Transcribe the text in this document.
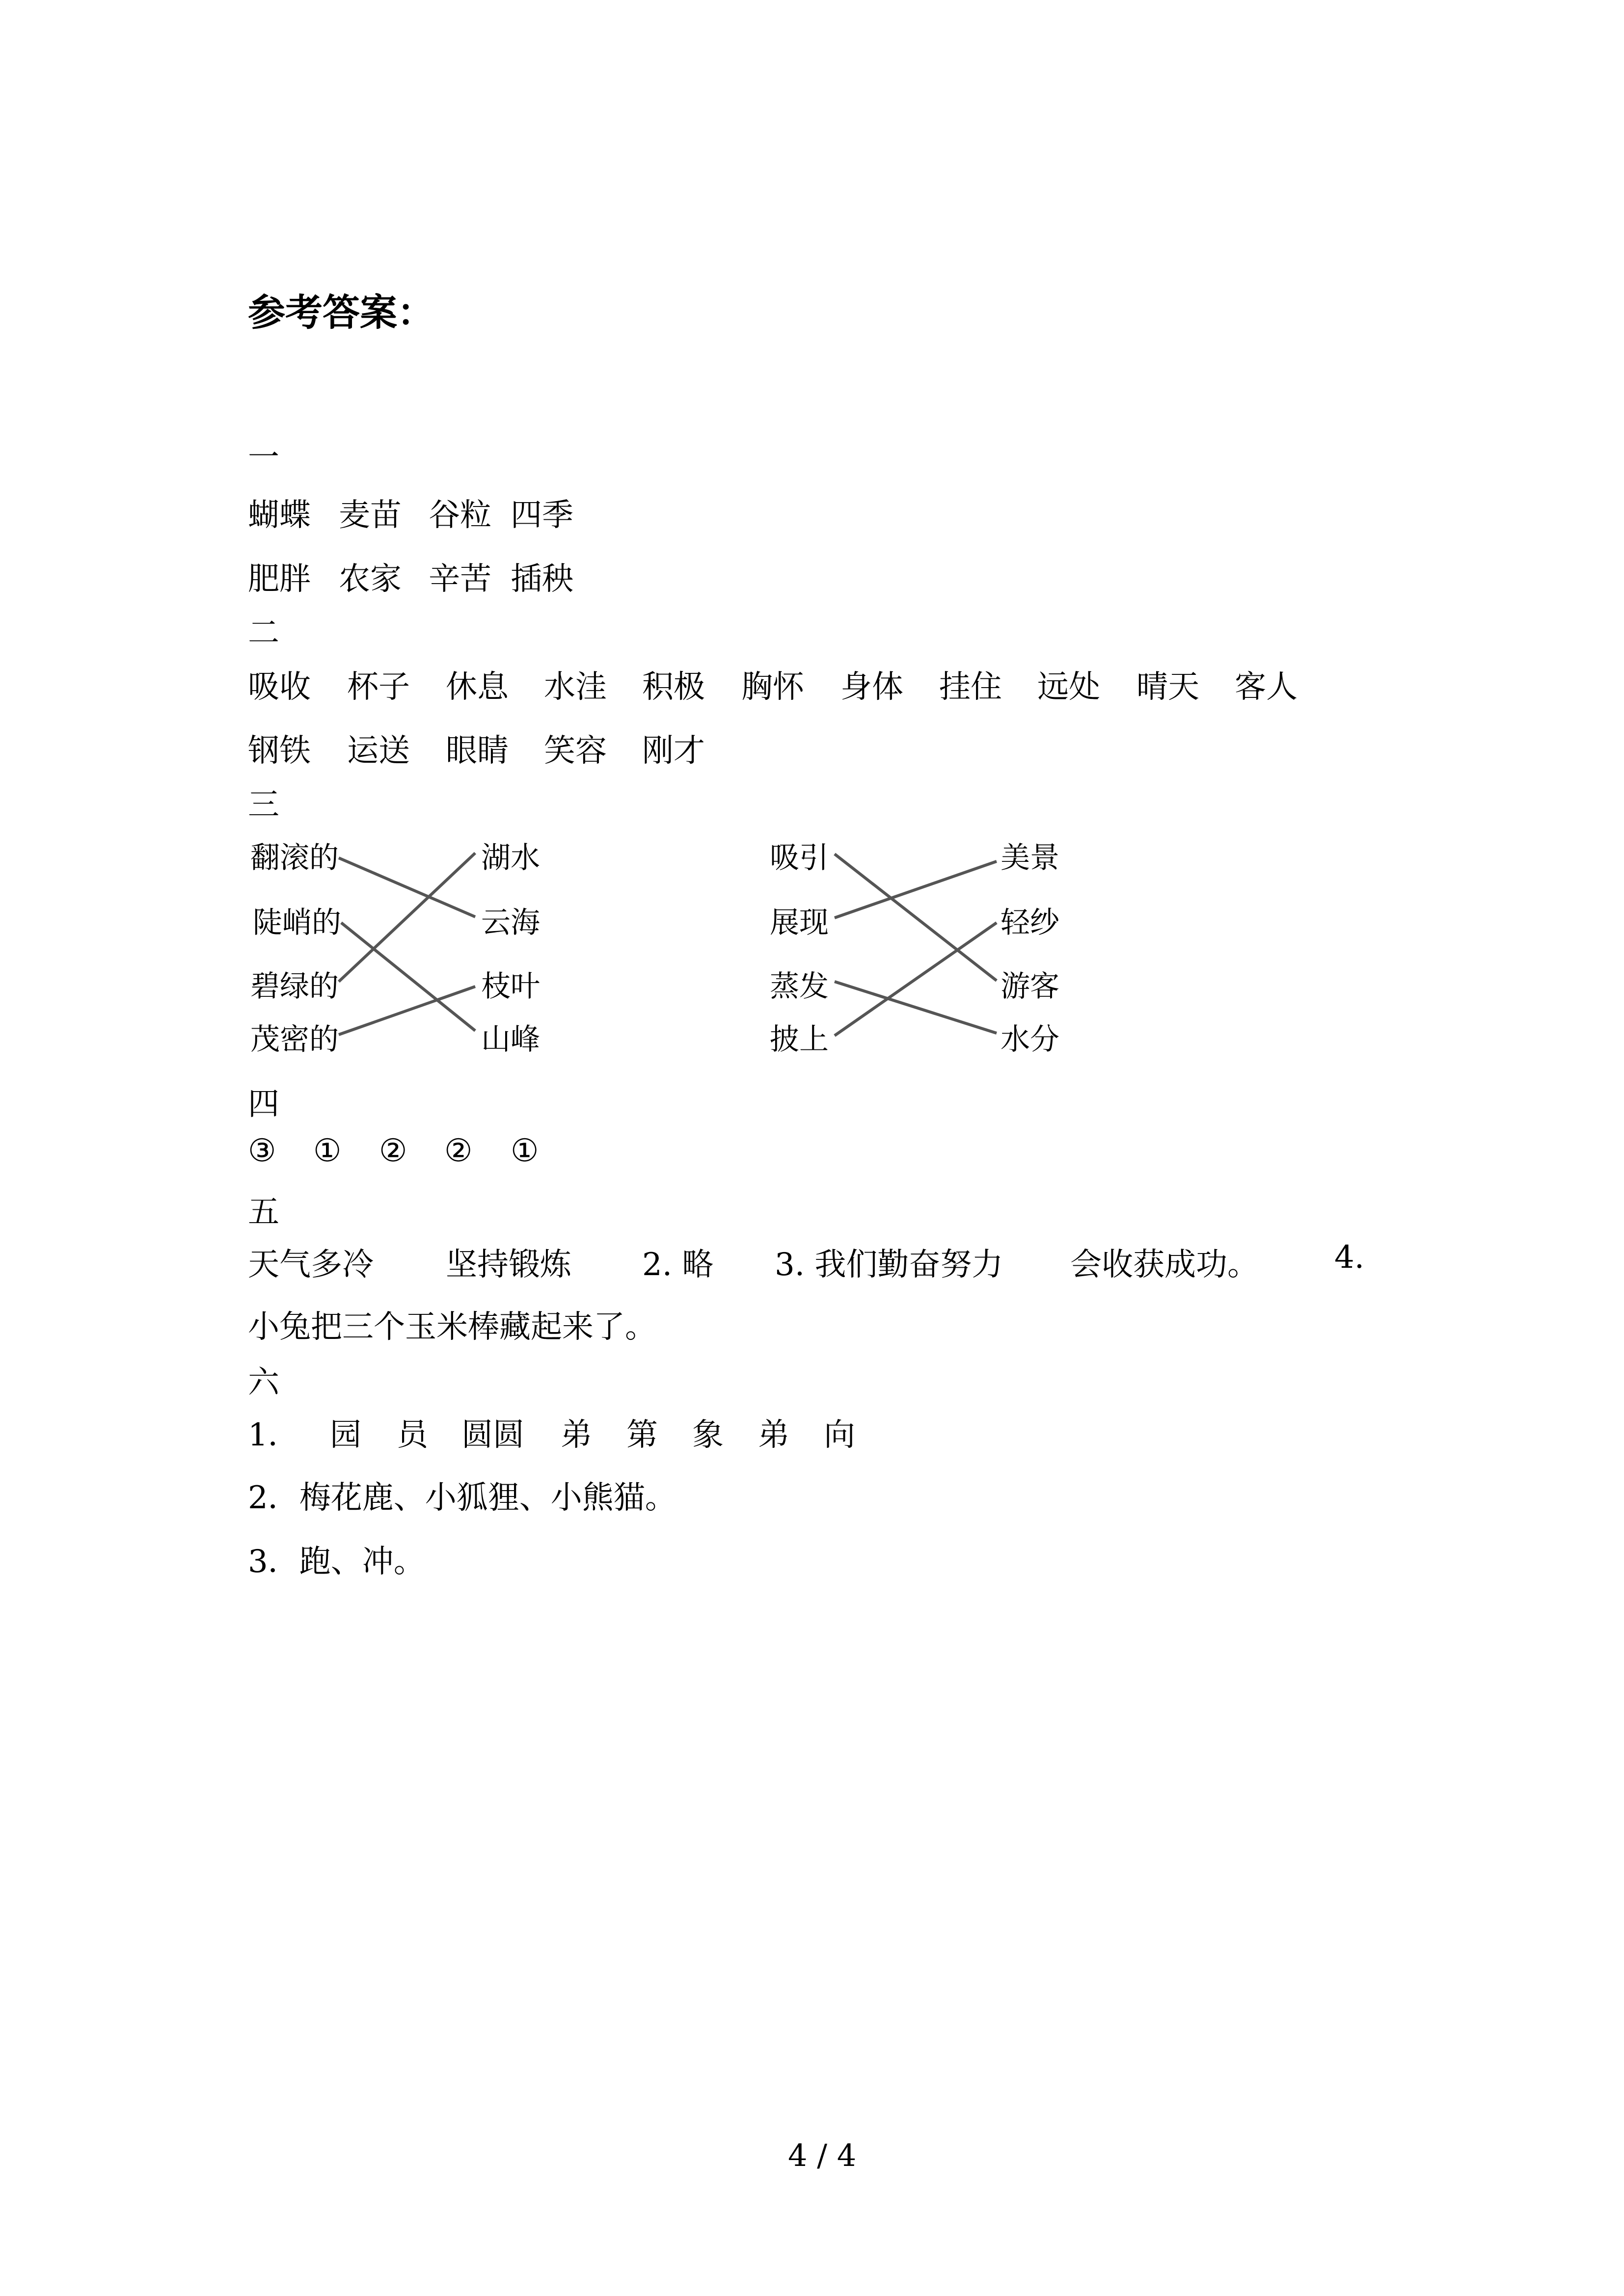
参考答案：
一
蝴蝶 麦苗 谷粒 四季
肥胖 农家 辛苦 插秧
二
吸收 杯子 休息 水洼 积极 胸怀 身体 挂住 远处 晴天 客人
钢铁 运送 眼睛 笑容 刚才
三
翻滚的
陡峭的
碧绿的
茂密的
湖水
云海
枝叶
山峰
吸引
展现
蒸发
披上
美景
轻纱
游客
水分
四
③ ① ② ② ①
五
天气多冷 坚持锻炼 2. 略 3. 我们勤奋努力 会收获成功。 4.
小兔把三个玉米棒藏起来了。
六
1． 园 员 圆圆 弟 第 象 弟 向
2．梅花鹿、小狐狸、小熊猫。
3．跑、冲。
4 / 4
